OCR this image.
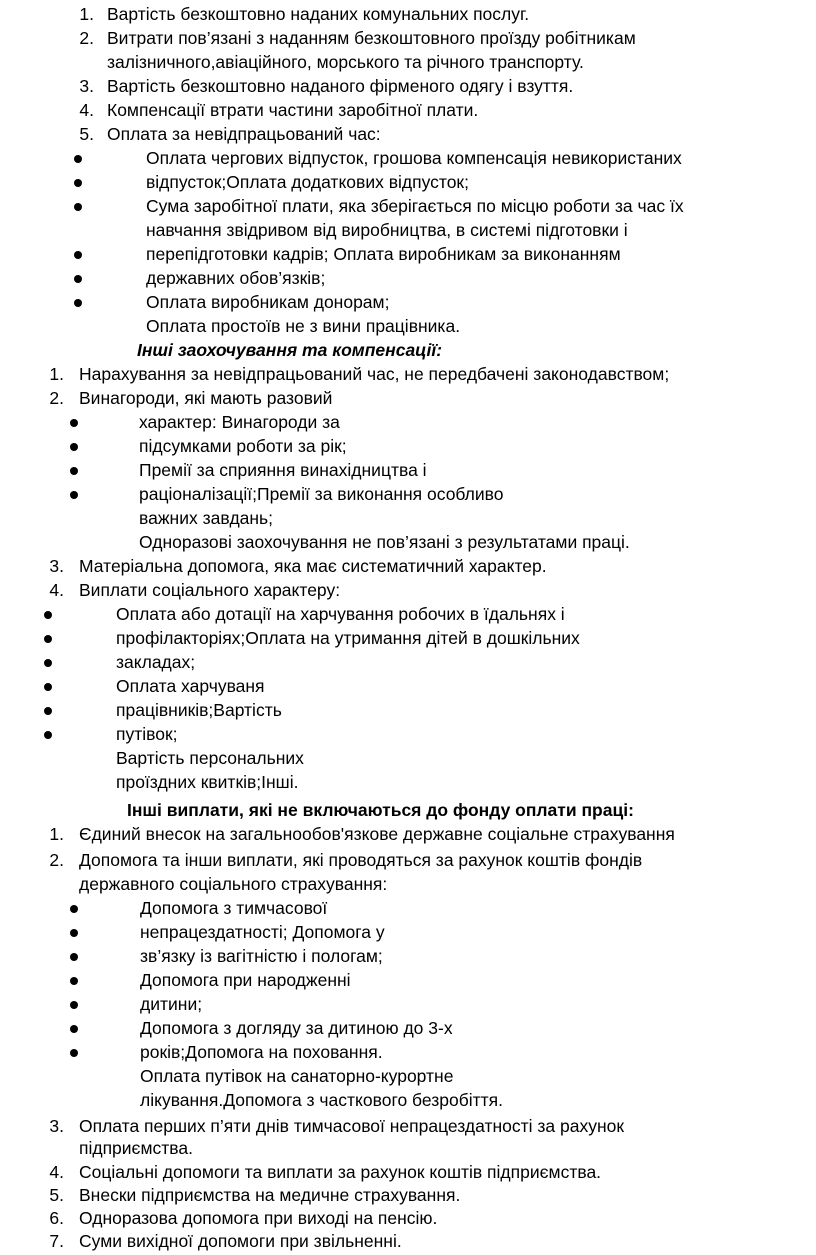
1. Вартість безкоштовно наданих комунальних послуг.
2. Витрати пов’язані з наданням безкоштовного проїзду робітникам
залізничного,авіаційного, морського та річного транспорту.
3. Вартість безкоштовно наданого фірменого одягу і взуття.
4. Компенсації втрати частини заробітної плати.
5. Оплата за невідпрацьований час:
Оплата чергових відпусток, грошова компенсація невикористаних
відпусток;Оплата додаткових відпусток;
Сума заробітної плати, яка зберігається по місцю роботи за час їх
навчання звідривом від виробництва, в системі підготовки і
перепідготовки кадрів; Оплата виробникам за виконанням
державних обов’язків;
Оплата виробникам донорам;
Оплата простоїв не з вини працівника.
Інші заохочування та компенсації:
1. Нарахування за невідпрацьований час, не передбачені законодавством;
2. Винагороди, які мають разовий
характер: Винагороди за
підсумками роботи за рік;
Премії за сприяння винахідництва і
раціоналізації;Премії за виконання особливо
важних завдань;
Одноразові заохочування не пов’язані з результатами праці.
3. Матеріальна допомога, яка має систематичний характер.
4. Виплати соціального характеру:
Оплата або дотації на харчування робочих в їдальнях і
профілакторіях;Оплата на утримання дітей в дошкільних
закладах;
Оплата харчуваня
працівників;Вартість
путівок;
Вартість персональних
проїздних квитків;Інші.
Інші виплати, які не включаються до фонду оплати праці:
1. Єдиний внесок на загальнообов'язкове державне соціальне страхування
2. Допомога та інши виплати, які проводяться за рахунок коштів фондів
державного соціального страхування:
Допомога з тимчасової
непрацездатності; Допомога у
зв’язку із вагітністю і пологам;
Допомога при народженні
дитини;
Допомога з догляду за дитиною до 3-х
років;Допомога на поховання.
Оплата путівок на санаторно-курортне
лікування.Допомога з часткового безробіття.
3. Оплата перших п’яти днів тимчасової непрацездатності за рахунок
підприємства.
4. Соціальні допомоги та виплати за рахунок коштів підприємства.
5. Внески підприємства на медичне страхування.
6. Одноразова допомога при виході на пенсію.
7. Суми вихідної допомоги при звільненні.
